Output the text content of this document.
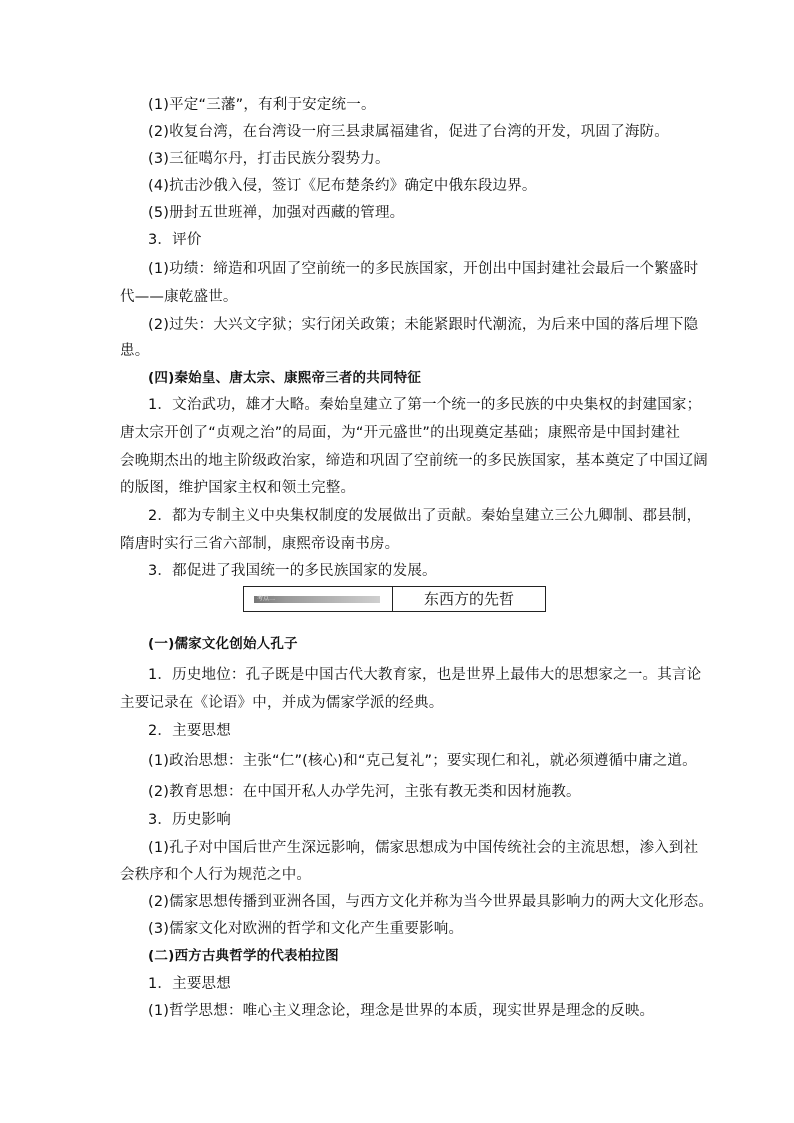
(1)平定“三藩”，有利于安定统一。
(2)收复台湾，在台湾设一府三县隶属福建省，促进了台湾的开发，巩固了海防。
(3)三征噶尔丹，打击民族分裂势力。
(4)抗击沙俄入侵，签订《尼布楚条约》确定中俄东段边界。
(5)册封五世班禅，加强对西藏的管理。
3．评价
(1)功绩：缔造和巩固了空前统一的多民族国家，开创出中国封建社会最后一个繁盛时
代——康乾盛世。
(2)过失：大兴文字狱；实行闭关政策；未能紧跟时代潮流，为后来中国的落后埋下隐
患。
(四)秦始皇、唐太宗、康熙帝三者的共同特征
1．文治武功，雄才大略。秦始皇建立了第一个统一的多民族的中央集权的封建国家；
唐太宗开创了“贞观之治”的局面，为“开元盛世”的出现奠定基础；康熙帝是中国封建社
会晚期杰出的地主阶级政治家，缔造和巩固了空前统一的多民族国家，基本奠定了中国辽阔
的版图，维护国家主权和领土完整。
2．都为专制主义中央集权制度的发展做出了贡献。秦始皇建立三公九卿制、郡县制，
隋唐时实行三省六部制，康熙帝设南书房。
3．都促进了我国统一的多民族国家的发展。
考点二	东西方的先哲
(一)儒家文化创始人孔子
1．历史地位：孔子既是中国古代大教育家，也是世界上最伟大的思想家之一。其言论
主要记录在《论语》中，并成为儒家学派的经典。
2．主要思想
(1)政治思想：主张“仁”(核心)和“克己复礼”；要实现仁和礼，就必须遵循中庸之道。
(2)教育思想：在中国开私人办学先河，主张有教无类和因材施教。
3．历史影响
(1)孔子对中国后世产生深远影响，儒家思想成为中国传统社会的主流思想，渗入到社
会秩序和个人行为规范之中。
(2)儒家思想传播到亚洲各国，与西方文化并称为当今世界最具影响力的两大文化形态。
(3)儒家文化对欧洲的哲学和文化产生重要影响。
(二)西方古典哲学的代表柏拉图
1．主要思想
(1)哲学思想：唯心主义理念论，理念是世界的本质，现实世界是理念的反映。
